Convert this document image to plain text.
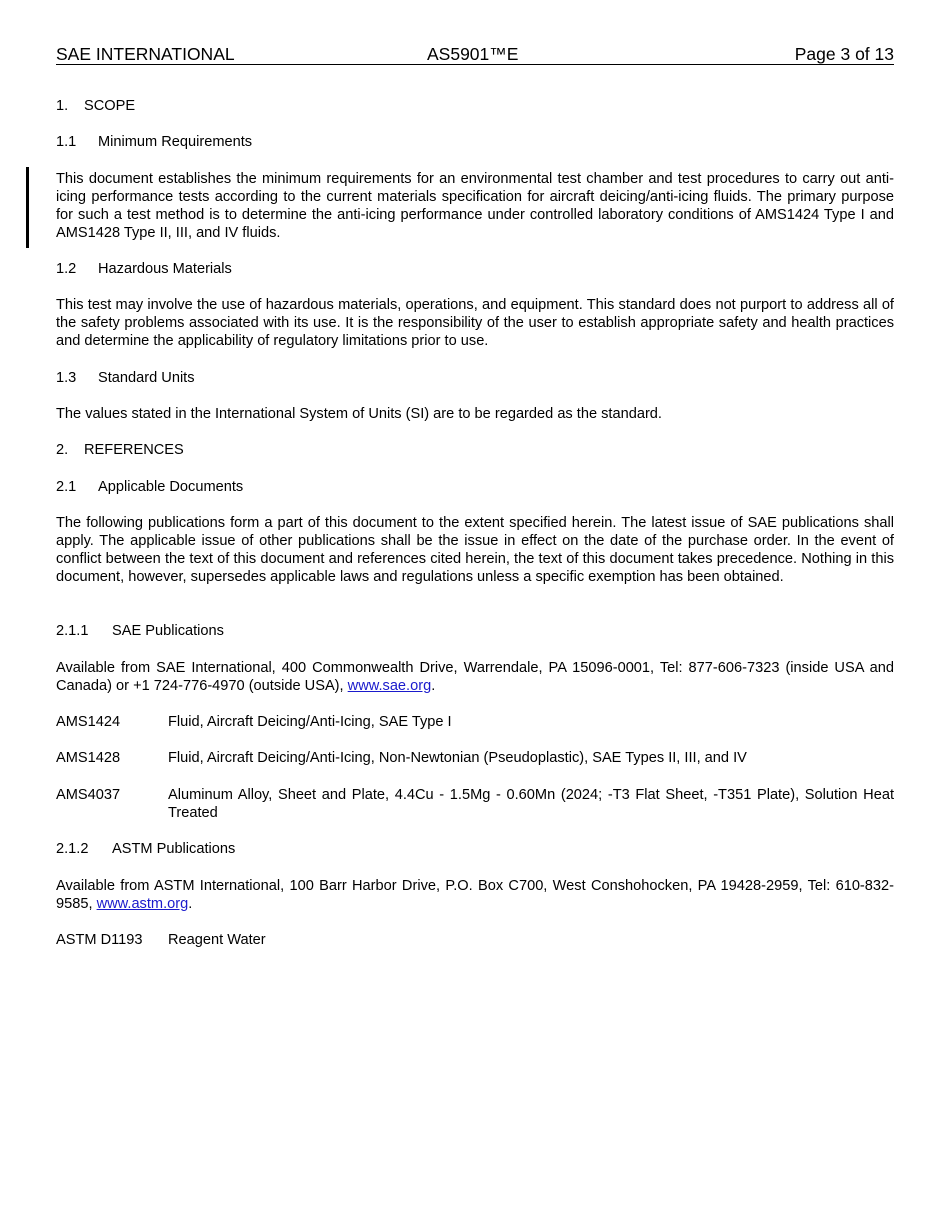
SAE INTERNATIONAL	AS5901™E	Page 3 of 13
1. SCOPE
1.1 Minimum Requirements
This document establishes the minimum requirements for an environmental test chamber and test procedures to carry out anti-icing performance tests according to the current materials specification for aircraft deicing/anti-icing fluids. The primary purpose for such a test method is to determine the anti-icing performance under controlled laboratory conditions of AMS1424 Type I and AMS1428 Type II, III, and IV fluids.
1.2 Hazardous Materials
This test may involve the use of hazardous materials, operations, and equipment. This standard does not purport to address all of the safety problems associated with its use. It is the responsibility of the user to establish appropriate safety and health practices and determine the applicability of regulatory limitations prior to use.
1.3 Standard Units
The values stated in the International System of Units (SI) are to be regarded as the standard.
2. REFERENCES
2.1 Applicable Documents
The following publications form a part of this document to the extent specified herein. The latest issue of SAE publications shall apply. The applicable issue of other publications shall be the issue in effect on the date of the purchase order. In the event of conflict between the text of this document and references cited herein, the text of this document takes precedence. Nothing in this document, however, supersedes applicable laws and regulations unless a specific exemption has been obtained.
2.1.1 SAE Publications
Available from SAE International, 400 Commonwealth Drive, Warrendale, PA 15096-0001, Tel: 877-606-7323 (inside USA and Canada) or +1 724-776-4970 (outside USA), www.sae.org.
AMS1424	Fluid, Aircraft Deicing/Anti-Icing, SAE Type I
AMS1428	Fluid, Aircraft Deicing/Anti-Icing, Non-Newtonian (Pseudoplastic), SAE Types II, III, and IV
AMS4037	Aluminum Alloy, Sheet and Plate, 4.4Cu - 1.5Mg - 0.60Mn (2024; -T3 Flat Sheet, -T351 Plate), Solution Heat Treated
2.1.2 ASTM Publications
Available from ASTM International, 100 Barr Harbor Drive, P.O. Box C700, West Conshohocken, PA 19428-2959, Tel: 610-832-9585, www.astm.org.
ASTM D1193 Reagent Water
